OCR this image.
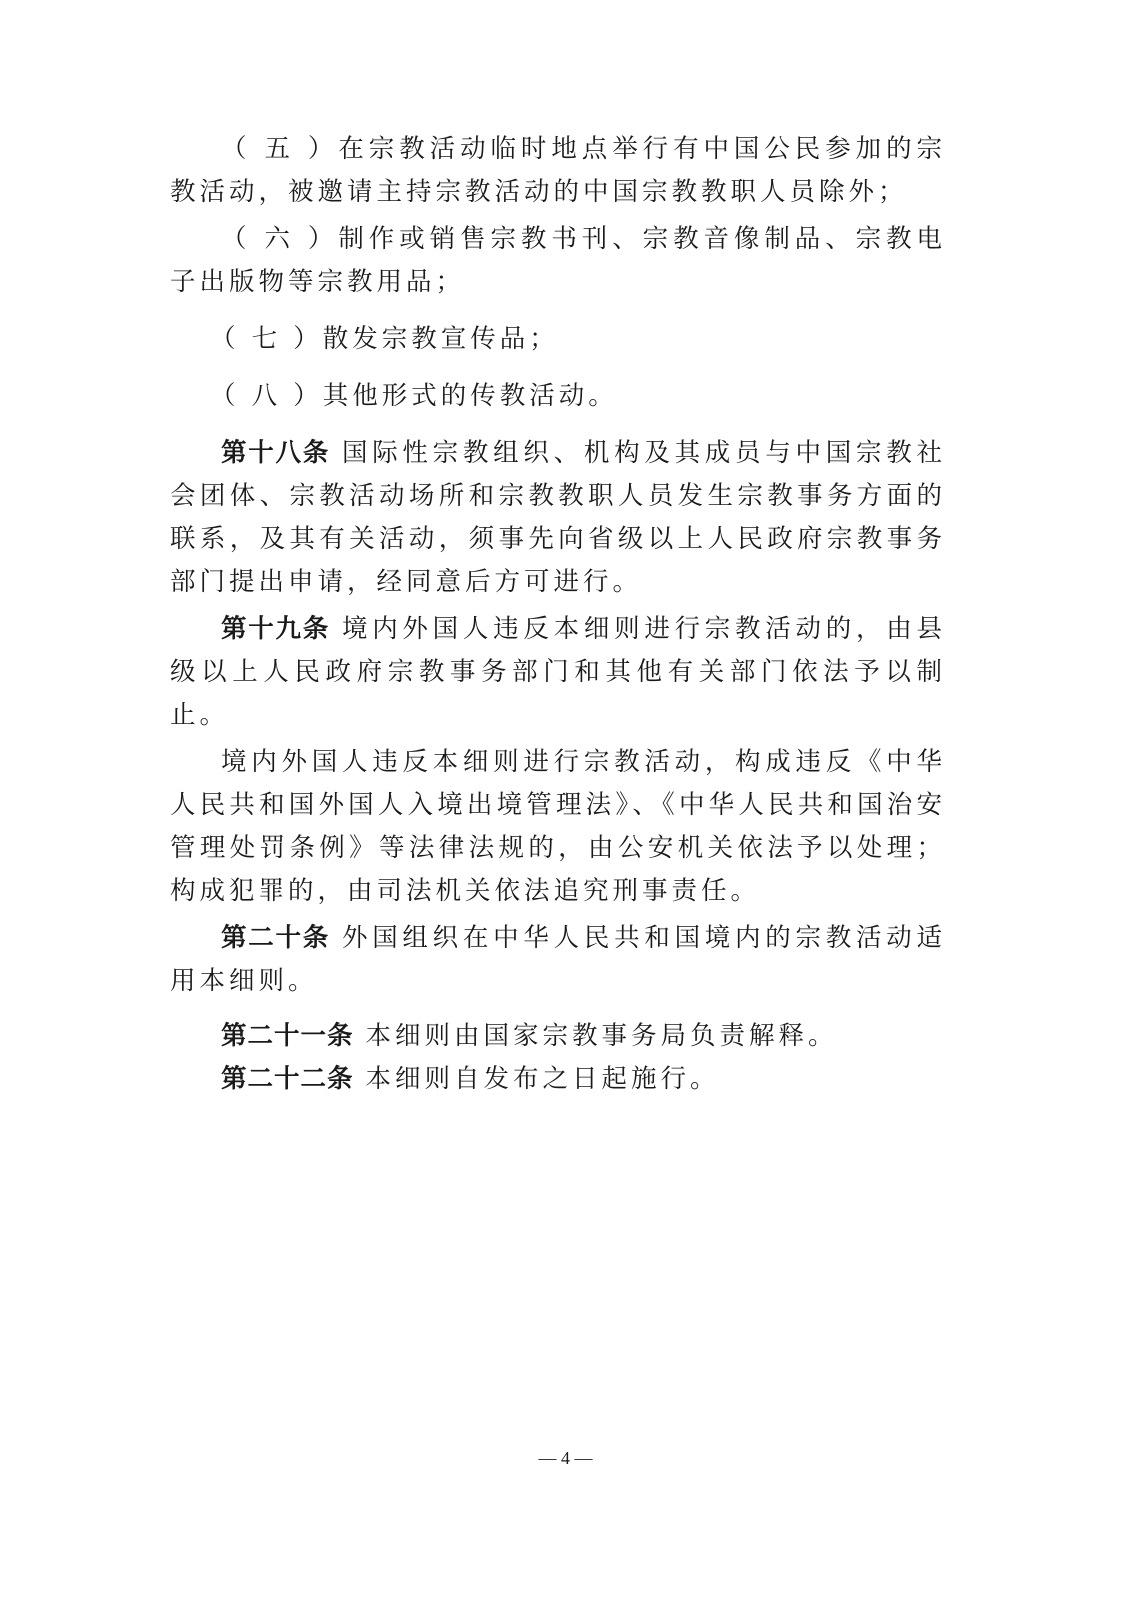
（ 五 ）在宗教活动临时地点举行有中国公民参加的宗教活动，被邀请主持宗教活动的中国宗教教职人员除外；

（ 六 ）制作或销售宗教书刊、宗教音像制品、宗教电子出版物等宗教用品；

（ 七 ）散发宗教宣传品；

（ 八 ）其他形式的传教活动。

第十八条 国际性宗教组织、机构及其成员与中国宗教社会团体、宗教活动场所和宗教教职人员发生宗教事务方面的联系，及其有关活动，须事先向省级以上人民政府宗教事务部门提出申请，经同意后方可进行。

第十九条 境内外国人违反本细则进行宗教活动的，由县级以上人民政府宗教事务部门和其他有关部门依法予以制止。

境内外国人违反本细则进行宗教活动，构成违反《中华人民共和国外国人入境出境管理法》、《中华人民共和国治安管理处罚条例》等法律法规的，由公安机关依法予以处理；构成犯罪的，由司法机关依法追究刑事责任。

第二十条 外国组织在中华人民共和国境内的宗教活动适用本细则。

第二十一条 本细则由国家宗教事务局负责解释。

第二十二条 本细则自发布之日起施行。

— 4 —
